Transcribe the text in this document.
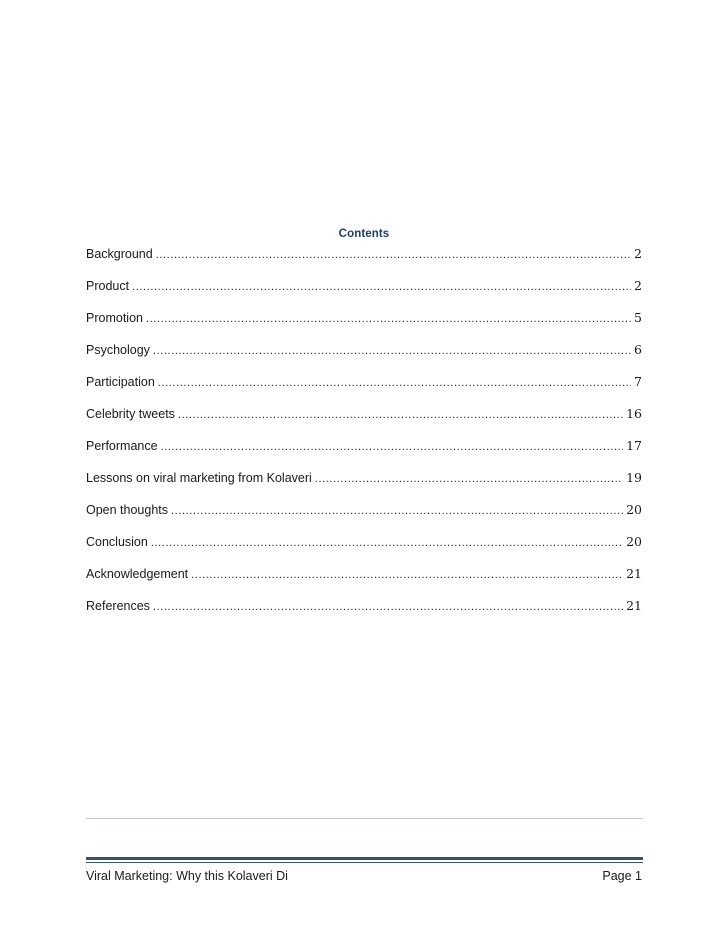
Contents
Background .....	2
Product .....	2
Promotion .....	5
Psychology .....	6
Participation .....	7
Celebrity tweets .....	16
Performance .....	17
Lessons on viral marketing from Kolaveri .....	19
Open thoughts .....	20
Conclusion .....	20
Acknowledgement .....	21
References .....	21
Viral Marketing: Why this Kolaveri Di	Page 1
